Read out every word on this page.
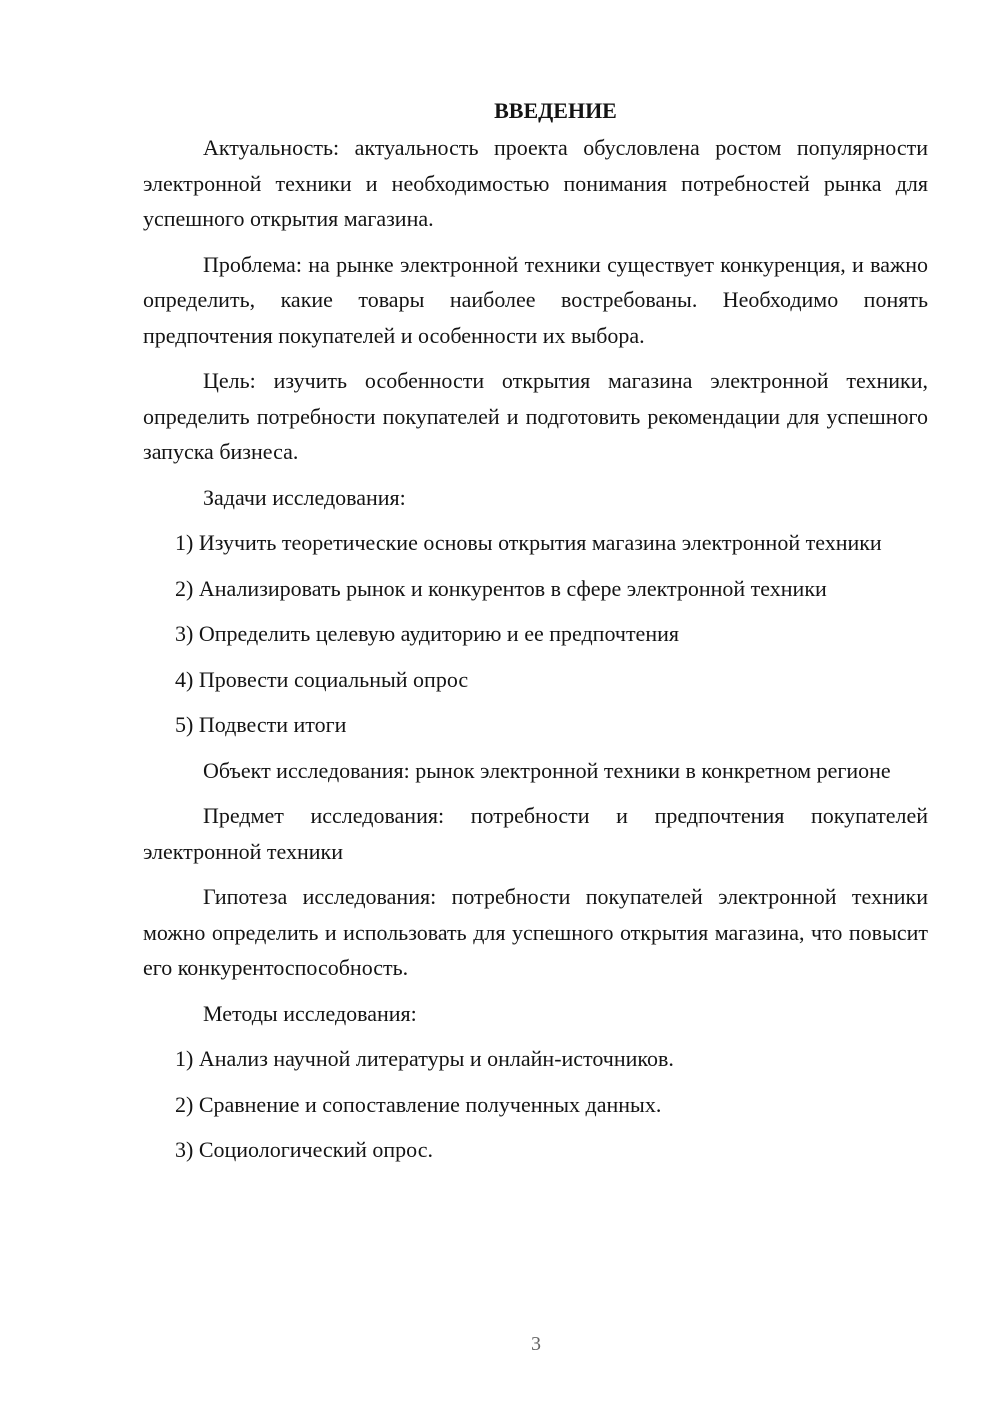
ВВЕДЕНИЕ

Актуальность: актуальность проекта обусловлена ростом популярности электронной техники и необходимостью понимания потребностей рынка для успешного открытия магазина.

Проблема: на рынке электронной техники существует конкуренция, и важно определить, какие товары наиболее востребованы. Необходимо понять предпочтения покупателей и особенности их выбора.

Цель: изучить особенности открытия магазина электронной техники, определить потребности покупателей и подготовить рекомендации для успешного запуска бизнеса.

Задачи исследования:

1) Изучить теоретические основы открытия магазина электронной техники

2) Анализировать рынок и конкурентов в сфере электронной техники

3) Определить целевую аудиторию и ее предпочтения

4) Провести социальный опрос

5) Подвести итоги

Объект исследования: рынок электронной техники в конкретном регионе

Предмет исследования: потребности и предпочтения покупателей электронной техники

Гипотеза исследования: потребности покупателей электронной техники можно определить и использовать для успешного открытия магазина, что повысит его конкурентоспособность.

Методы исследования:

1) Анализ научной литературы и онлайн-источников.

2) Сравнение и сопоставление полученных данных.

3) Социологический опрос.

3
